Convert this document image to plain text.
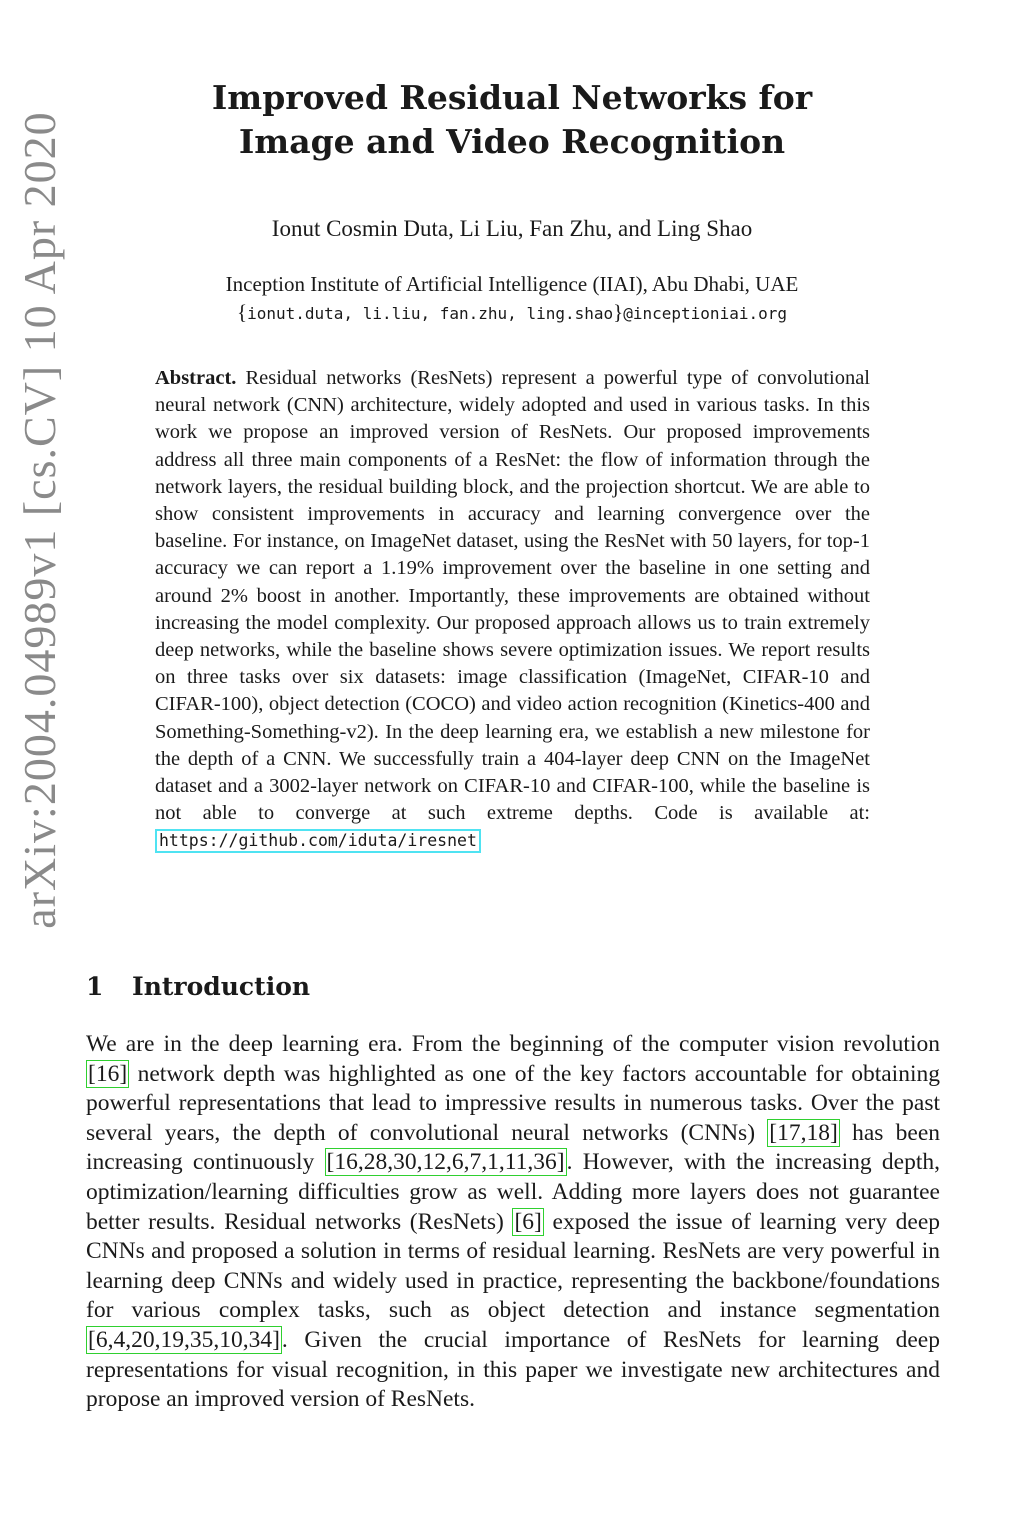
arXiv:2004.04989v1 [cs.CV] 10 Apr 2020
Improved Residual Networks for
Image and Video Recognition
Ionut Cosmin Duta, Li Liu, Fan Zhu, and Ling Shao
Inception Institute of Artificial Intelligence (IIAI), Abu Dhabi, UAE
{ionut.duta, li.liu, fan.zhu, ling.shao}@inceptioniai.org
Abstract. Residual networks (ResNets) represent a powerful type of convolutional neural network (CNN) architecture, widely adopted and used in various tasks. In this work we propose an improved version of ResNets. Our proposed improvements address all three main components of a ResNet: the flow of information through the network layers, the residual building block, and the projection shortcut. We are able to show consistent improvements in accuracy and learning convergence over the baseline. For instance, on ImageNet dataset, using the ResNet with 50 layers, for top-1 accuracy we can report a 1.19% improvement over the baseline in one setting and around 2% boost in another. Importantly, these improvements are obtained without increasing the model complexity. Our proposed approach allows us to train extremely deep networks, while the baseline shows severe optimization issues. We report results on three tasks over six datasets: image classification (ImageNet, CIFAR-10 and CIFAR-100), object detection (COCO) and video action recognition (Kinetics-400 and Something-Something-v2). In the deep learning era, we establish a new milestone for the depth of a CNN. We successfully train a 404-layer deep CNN on the ImageNet dataset and a 3002-layer network on CIFAR-10 and CIFAR-100, while the baseline is not able to converge at such extreme depths. Code is available at: https://github.com/iduta/iresnet
1 Introduction
We are in the deep learning era. From the beginning of the computer vision revolution [16] network depth was highlighted as one of the key factors accountable for obtaining powerful representations that lead to impressive results in numerous tasks. Over the past several years, the depth of convolutional neural networks (CNNs) [17,18] has been increasing continuously [16,28,30,12,6,7,1,11,36]. However, with the increasing depth, optimization/learning difficulties grow as well. Adding more layers does not guarantee better results. Residual networks (ResNets) [6] exposed the issue of learning very deep CNNs and proposed a solution in terms of residual learning. ResNets are very powerful in learning deep CNNs and widely used in practice, representing the backbone/foundations for various complex tasks, such as object detection and instance segmentation [6,4,20,19,35,10,34]. Given the crucial importance of ResNets for learning deep representations for visual recognition, in this paper we investigate new architectures and propose an improved version of ResNets.
